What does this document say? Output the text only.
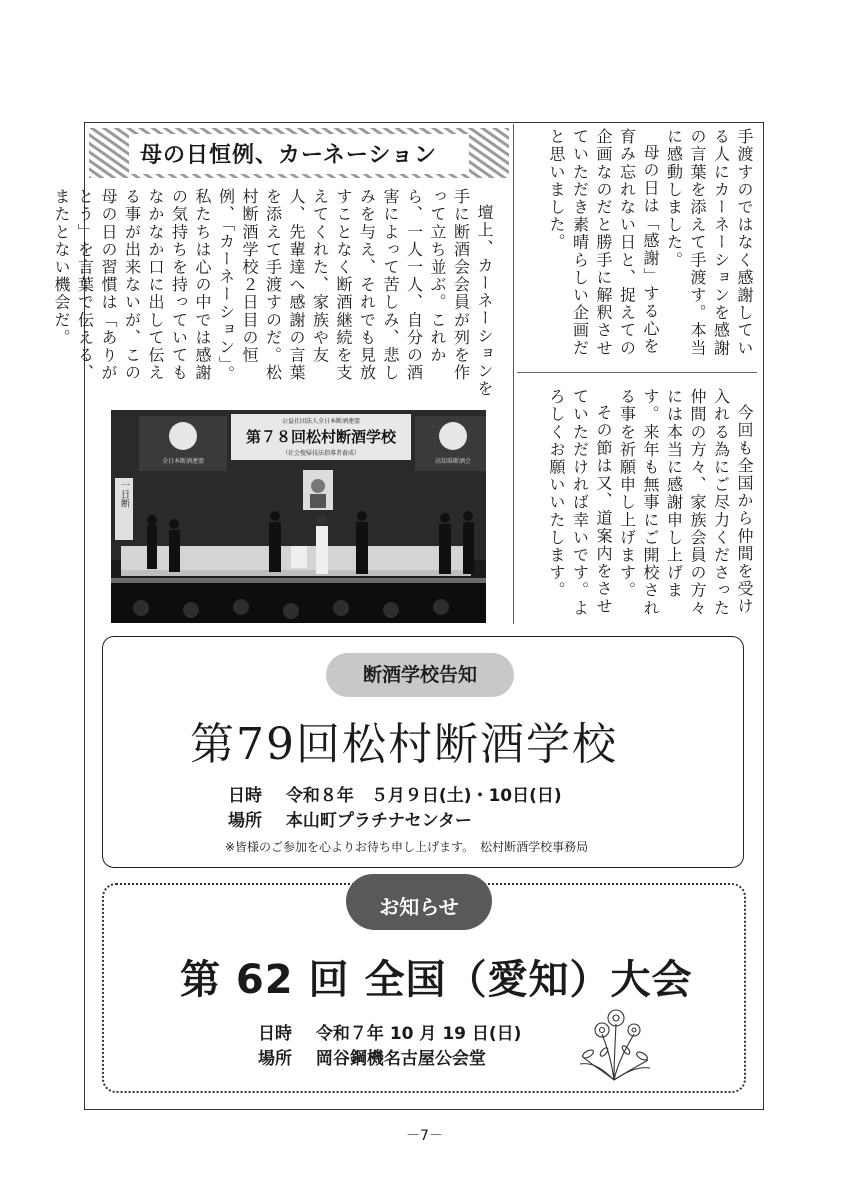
母の日恒例、カーネーション

壇上、カーネーションを手に断酒会会員が列を作って立ち並ぶ。これから、一人一人、自分の酒害によって苦しみ、悲しみを与え、それでも見放すことなく断酒継続を支えてくれた、家族や友人、先輩達へ感謝の言葉を添えて手渡すのだ。松村断酒学校２日目の恒例、「カーネーション」。私たちは心の中では感謝の気持ちを持っていてもなかなか口に出して伝える事が出来ないが、この母の日の習慣は「ありがとう」を言葉で伝える、またとない機会だ。	手渡すのではなく感謝している人にカーネーションを感謝の言葉を添えて手渡す。本当に感動しました。

母の日は「感謝」する心を育み忘れない日と、捉えての企画なのだと勝手に解釈させていただき素晴らしい企画だと思いました。

今回も全国から仲間を受け入れる為にご尽力くださった仲間の方々、家族会員の方々には本当に感謝申し上げます。来年も無事にご開校される事を祈願申し上げます。

その節は又、道案内をさせていただければ幸いです。よろしくお願いいたします。

全日本断酒連盟	高知県断酒会
公益社団法人全日本断酒連盟
第７８回松村断酒学校
（社会復帰技法指導者養成）
一日断
断酒学校告知
第79回松村断酒学校
日時 令和８年　５月９日(土)・10日(日)
場所 本山町プラチナセンター
※皆様のご参加を心よりお待ち申し上げます。　松村断酒学校事務局
お知らせ
第 62 回 全国（愛知）大会
日時 令和７年 10 月 19 日(日)
場所 岡谷鋼機名古屋公会堂
－7－
